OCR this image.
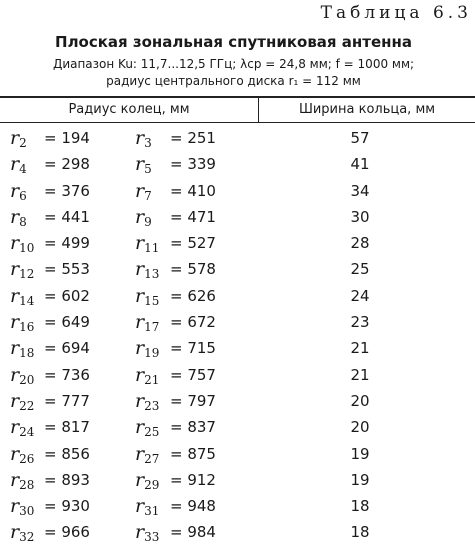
Таблица 6.3
Плоская зональная спутниковая антенна
Диапазон Ku: 11,7...12,5 ГГц; λср = 24,8 мм; f = 1000 мм;
радиус центрального диска r₁ = 112 мм
Радиус колец, мм	Ширина кольца, мм
$r_2 = 194$ $r_3 = 251$	57
$r_4 = 298$ $r_5 = 339$	41
$r_6 = 376$ $r_7 = 410$	34
$r_8 = 441$ $r_9 = 471$	30
$r_{10} = 499$ $r_{11} = 527$	28
$r_{12} = 553$ $r_{13} = 578$	25
$r_{14} = 602$ $r_{15} = 626$	24
$r_{16} = 649$ $r_{17} = 672$	23
$r_{18} = 694$ $r_{19} = 715$	21
$r_{20} = 736$ $r_{21} = 757$	21
$r_{22} = 777$ $r_{23} = 797$	20
$r_{24} = 817$ $r_{25} = 837$	20
$r_{26} = 856$ $r_{27} = 875$	19
$r_{28} = 893$ $r_{29} = 912$	19
$r_{30} = 930$ $r_{31} = 948$	18
$r_{32} = 966$ $r_{33} = 984$	18
